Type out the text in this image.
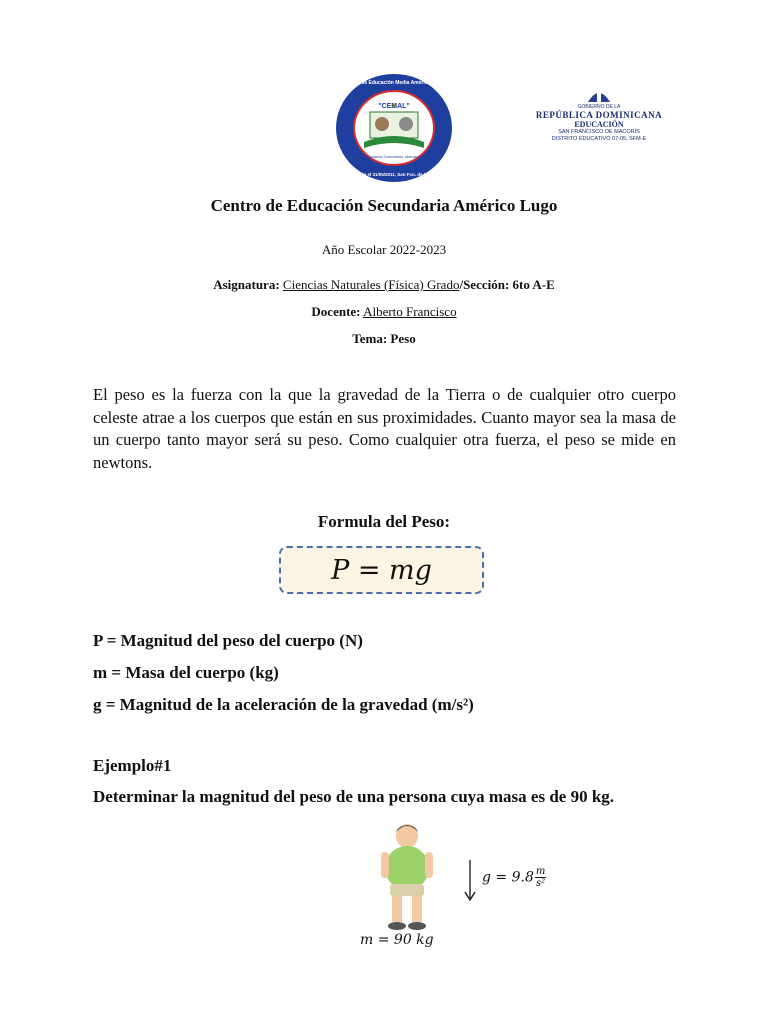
"CEMAL"
Educación Comunitaria, Liberadora
Centro de Educación Media Américo Lugo
Fundado el 31/05/2011, San Fco. de Macorís
GOBIERNO DE LA
REPÚBLICA DOMINICANA
EDUCACIÓN
SAN FRANCISCO DE MACORÍS
DISTRITO EDUCATIVO 07-05, SFM-E
Centro de Educación Secundaria Américo Lugo
Año Escolar 2022-2023
Asignatura: Ciencias Naturales (Física) Grado/Sección: 6to A-E
Docente: Alberto Francisco
Tema: Peso
El peso es la fuerza con la que la gravedad de la Tierra o de cualquier otro cuerpo celeste atrae a los cuerpos que están en sus proximidades. Cuanto mayor sea la masa de un cuerpo tanto mayor será su peso. Como cualquier otra fuerza, el peso se mide en newtons.
Formula del Peso:
P = mg
P = Magnitud del peso del cuerpo (N)
m = Masa del cuerpo (kg)
g = Magnitud de la aceleración de la gravedad (m/s²)
Ejemplo#1
Determinar la magnitud del peso de una persona cuya masa es de 90 kg.
$g = 9.8 \frac{m}{\text{s²}}$
m = 90 kg
